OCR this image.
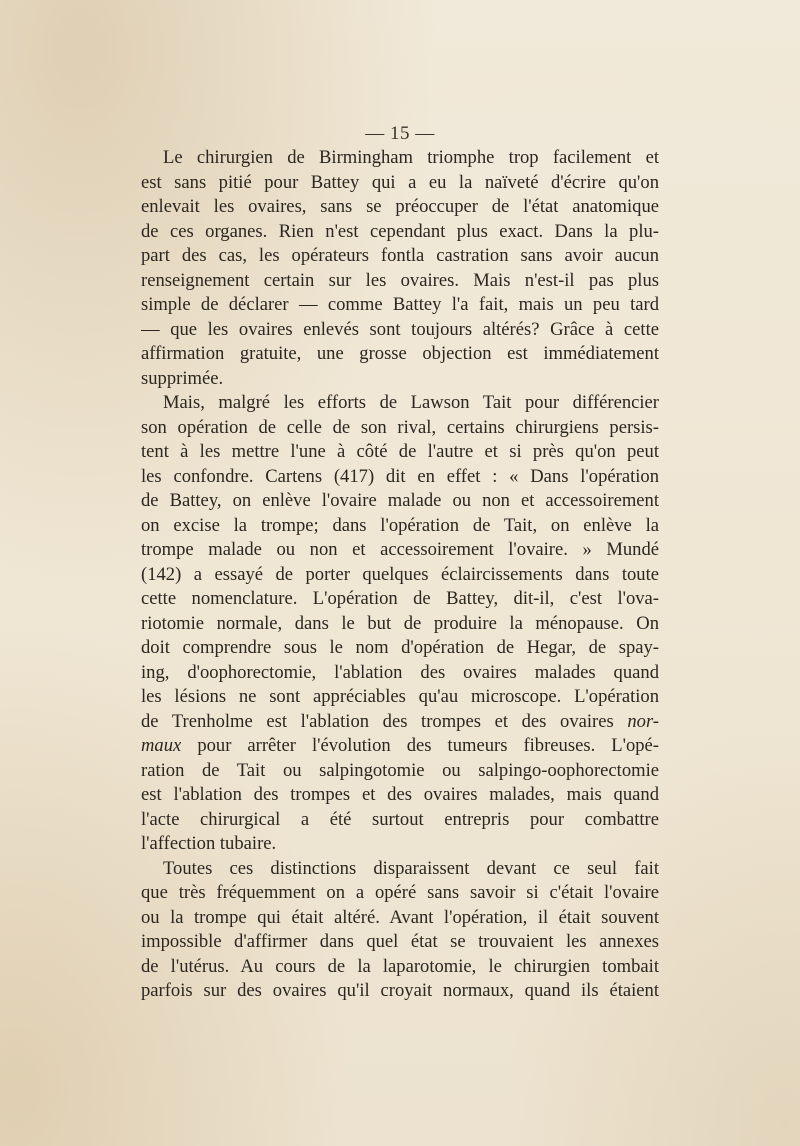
— 15 —
Le chirurgien de Birmingham triomphe trop facilement et
est sans pitié pour Battey qui a eu la naïveté d'écrire qu'on
enlevait les ovaires, sans se préoccuper de l'état anatomique
de ces organes. Rien n'est cependant plus exact. Dans la plu-
part des cas, les opérateurs fontla castration sans avoir aucun
renseignement certain sur les ovaires. Mais n'est-il pas plus
simple de déclarer — comme Battey l'a fait, mais un peu tard
— que les ovaires enlevés sont toujours altérés? Grâce à cette
affirmation gratuite, une grosse objection est immédiatement
supprimée.
Mais, malgré les efforts de Lawson Tait pour différencier
son opération de celle de son rival, certains chirurgiens persis-
tent à les mettre l'une à côté de l'autre et si près qu'on peut
les confondre. Cartens (417) dit en effet : « Dans l'opération
de Battey, on enlève l'ovaire malade ou non et accessoirement
on excise la trompe; dans l'opération de Tait, on enlève la
trompe malade ou non et accessoirement l'ovaire. » Mundé
(142) a essayé de porter quelques éclaircissements dans toute
cette nomenclature. L'opération de Battey, dit-il, c'est l'ova-
riotomie normale, dans le but de produire la ménopause. On
doit comprendre sous le nom d'opération de Hegar, de spay-
ing, d'oophorectomie, l'ablation des ovaires malades quand
les lésions ne sont appréciables qu'au microscope. L'opération
de Trenholme est l'ablation des trompes et des ovaires nor-
maux pour arrêter l'évolution des tumeurs fibreuses. L'opé-
ration de Tait ou salpingotomie ou salpingo-oophorectomie
est l'ablation des trompes et des ovaires malades, mais quand
l'acte chirurgical a été surtout entrepris pour combattre
l'affection tubaire.
Toutes ces distinctions disparaissent devant ce seul fait
que très fréquemment on a opéré sans savoir si c'était l'ovaire
ou la trompe qui était altéré. Avant l'opération, il était souvent
impossible d'affirmer dans quel état se trouvaient les annexes
de l'utérus. Au cours de la laparotomie, le chirurgien tombait
parfois sur des ovaires qu'il croyait normaux, quand ils étaient
